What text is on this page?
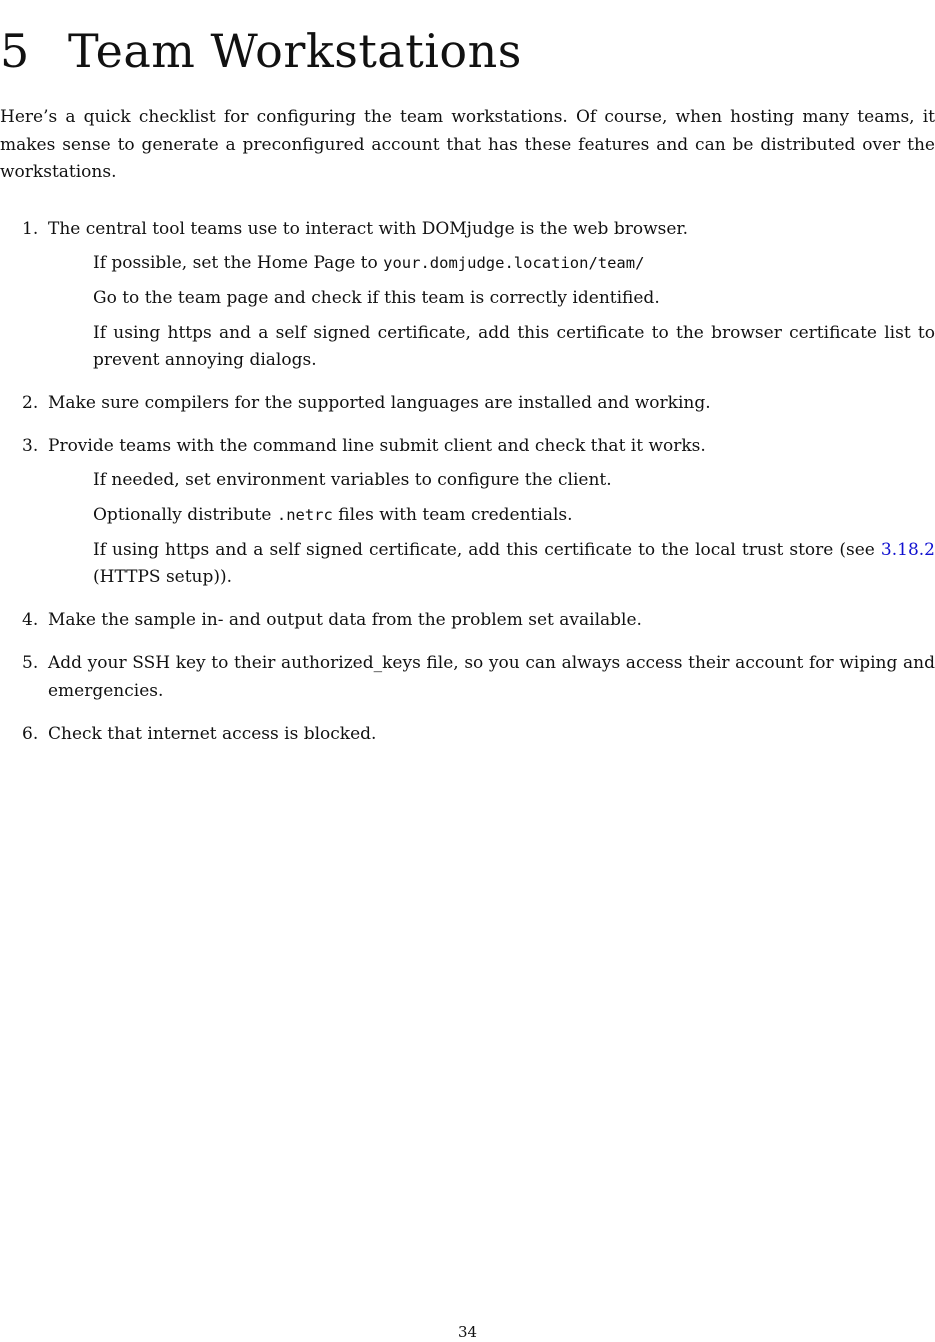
5 Team Workstations

Here’s a quick checklist for configuring the team workstations. Of course, when hosting many teams, it makes sense to generate a preconfigured account that has these features and can be distributed over the workstations.

1. The central tool teams use to interact with DOMjudge is the web browser.
If possible, set the Home Page to your.domjudge.location/team/
Go to the team page and check if this team is correctly identified.
If using https and a self signed certificate, add this certificate to the browser certificate list to prevent annoying dialogs.
2. Make sure compilers for the supported languages are installed and working.
3. Provide teams with the command line submit client and check that it works.
If needed, set environment variables to configure the client.
Optionally distribute .netrc files with team credentials.
If using https and a self signed certificate, add this certificate to the local trust store (see 3.18.2 (HTTPS setup)).
4. Make the sample in- and output data from the problem set available.
5. Add your SSH key to their authorized_keys file, so you can always access their account for wiping and emergencies.
6. Check that internet access is blocked.
34
